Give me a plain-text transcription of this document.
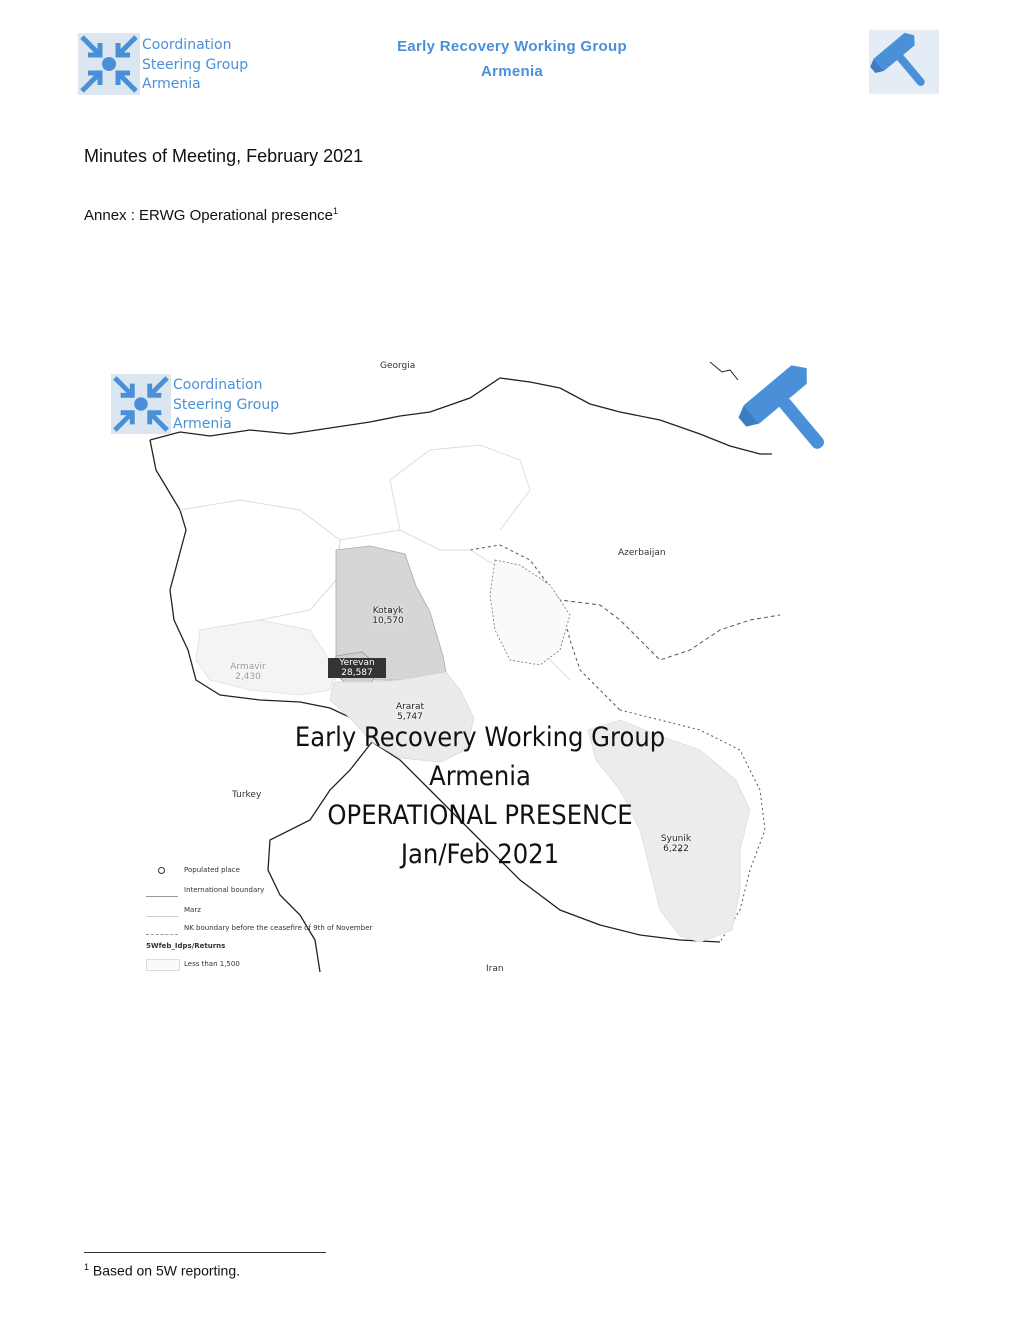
Coordination
Steering Group
Armenia
Early Recovery Working Group
Armenia
Minutes of Meeting, February 2021
Annex : ERWG Operational presence$^1$
Coordination
Steering Group
Armenia
Georgia
Azerbaijan
Turkey
Iran
Kotayk
10,570
Yerevan
28,587
Armavir
2,430
Ararat
5,747
Syunik
6,222
Early Recovery Working Group
Armenia
OPERATIONAL PRESENCE
Jan/Feb 2021
Populated place
International boundary
Marz
NK boundary before the ceasefire of 9th of November
5Wfeb_Idps/Returns
Less than 1,500
$^1$ Based on 5W reporting.
